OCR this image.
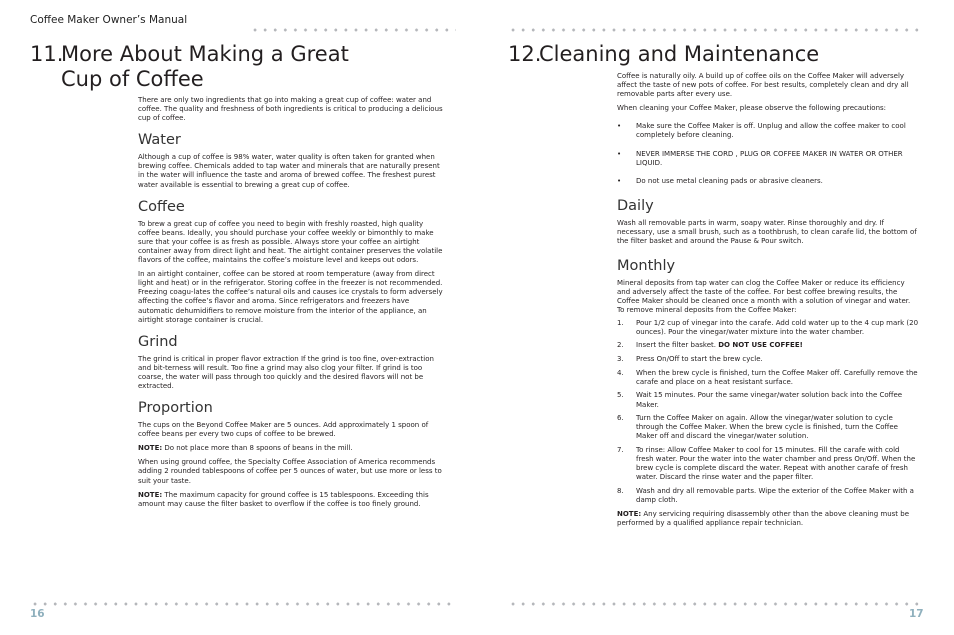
Coffee Maker Owner’s Manual
11.More About Making a Great
Cup of Coffee

There are only two ingredients that go into making a great cup of coffee: water and coffee. The quality and freshness of both ingredients is critical to producing a delicious cup of coffee.

Water

Although a cup of coffee is 98% water, water quality is often taken for granted when brewing coffee. Chemicals added to tap water and minerals that are naturally present in the water will influence the taste and aroma of brewed coffee. The freshest purest water available is essential to brewing a great cup of coffee.

Coffee

To brew a great cup of coffee you need to begin with freshly roasted, high quality coffee beans. Ideally, you should purchase your coffee weekly or bimonthly to make sure that your coffee is as fresh as possible. Always store your coffee an airtight container away from direct light and heat. The airtight container preserves the volatile flavors of the coffee, maintains the coffee’s moisture level and keeps out odors.

In an airtight container, coffee can be stored at room temperature (away from direct light and heat) or in the refrigerator. Storing coffee in the freezer is not recommended. Freezing coagu-lates the coffee’s natural oils and causes ice crystals to form adversely affecting the coffee’s flavor and aroma. Since refrigerators and freezers have automatic dehumidifiers to remove moisture from the interior of the appliance, an airtight storage container is crucial.

Grind

The grind is critical in proper flavor extraction If the grind is too fine, over-extraction and bit-terness will result. Too fine a grind may also clog your filter. If grind is too coarse, the water will pass through too quickly and the desired flavors will not be extracted.

Proportion

The cups on the Beyond Coffee Maker are 5 ounces. Add approximately 1 spoon of coffee beans per every two cups of coffee to be brewed.

NOTE: Do not place more than 8 spoons of beans in the mill.

When using ground coffee, the Specialty Coffee Association of America recommends adding 2 rounded tablespoons of coffee per 5 ounces of water, but use more or less to suit your taste.

NOTE: The maximum capacity for ground coffee is 15 tablespoons. Exceeding this amount may cause the filter basket to overflow if the coffee is too finely ground.

16
12.Cleaning and Maintenance

Coffee is naturally oily. A build up of coffee oils on the Coffee Maker will adversely affect the taste of new pots of coffee. For best results, completely clean and dry all removable parts after every use.

When cleaning your Coffee Maker, please observe the following precautions:

•	Make sure the Coffee Maker is off. Unplug and allow the coffee maker to cool completely before cleaning.
•	NEVER IMMERSE THE CORD , PLUG OR COFFEE MAKER IN WATER OR OTHER LIQUID.
•	Do not use metal cleaning pads or abrasive cleaners.
Daily

Wash all removable parts in warm, soapy water. Rinse thoroughly and dry. If necessary, use a small brush, such as a toothbrush, to clean carafe lid, the bottom of the filter basket and around the Pause & Pour switch.

Monthly

Mineral deposits from tap water can clog the Coffee Maker or reduce its efficiency and adversely affect the taste of the coffee. For best coffee brewing results, the Coffee Maker should be cleaned once a month with a solution of vinegar and water.
To remove mineral deposits from the Coffee Maker:

1.	Pour 1/2 cup of vinegar into the carafe. Add cold water up to the 4 cup mark (20 ounces). Pour the vinegar/water mixture into the water chamber.
2.	Insert the filter basket. DO NOT USE COFFEE!
3.	Press On/Off to start the brew cycle.
4.	When the brew cycle is finished, turn the Coffee Maker off. Carefully remove the carafe and place on a heat resistant surface.
5.	Wait 15 minutes. Pour the same vinegar/water solution back into the Coffee Maker.
6.	Turn the Coffee Maker on again. Allow the vinegar/water solution to cycle through the Coffee Maker. When the brew cycle is finished, turn the Coffee Maker off and discard the vinegar/water solution.
7.	To rinse: Allow Coffee Maker to cool for 15 minutes. Fill the carafe with cold fresh water. Pour the water into the water chamber and press On/Off. When the brew cycle is complete discard the water. Repeat with another carafe of fresh water. Discard the rinse water and the paper filter.
8.	Wash and dry all removable parts. Wipe the exterior of the Coffee Maker with a damp cloth.

NOTE: Any servicing requiring disassembly other than the above cleaning must be performed by a qualified appliance repair technician.

17
